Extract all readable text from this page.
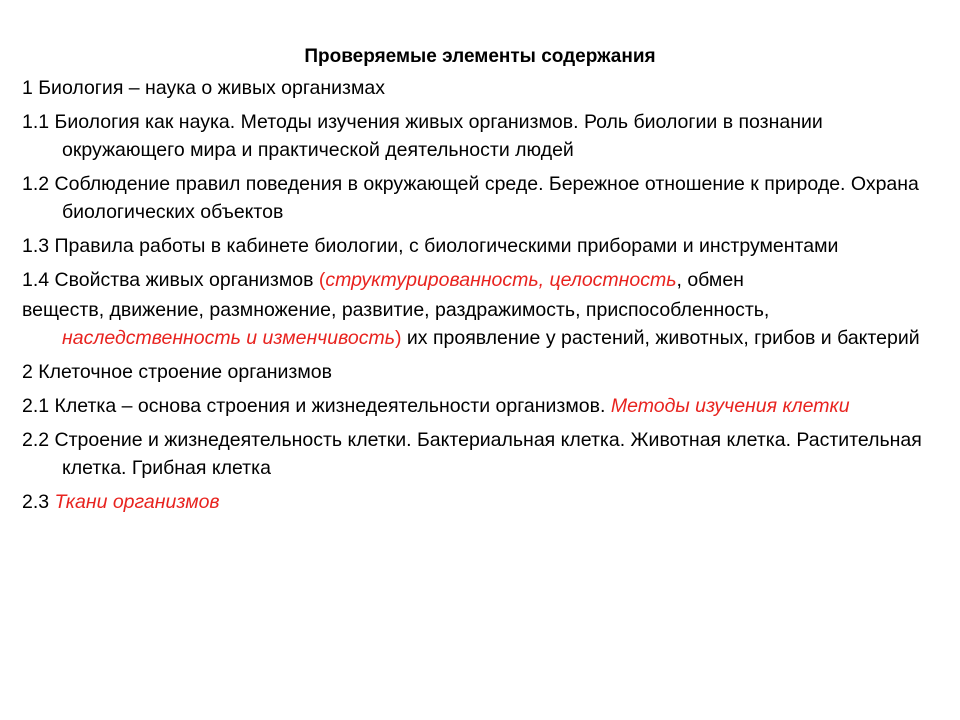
Проверяемые элементы содержания

1 Биология – наука о живых организмах

1.1 Биология как наука. Методы изучения живых организмов. Роль биологии в познании окружающего мира и практической деятельности людей

1.2 Соблюдение правил поведения в окружающей среде. Бережное отношение к природе. Охрана биологических объектов

1.3 Правила работы в кабинете биологии, с биологическими приборами и инструментами

1.4 Свойства живых организмов (структурированность, целостность, обмен

веществ, движение, размножение, развитие, раздражимость, приспособленность, наследственность и изменчивость) их проявление у растений, животных, грибов и бактерий

2 Клеточное строение организмов

2.1 Клетка – основа строения и жизнедеятельности организмов. Методы изучения клетки

2.2 Строение и жизнедеятельность клетки. Бактериальная клетка. Животная клетка. Растительная клетка. Грибная клетка

2.3 Ткани организмов
